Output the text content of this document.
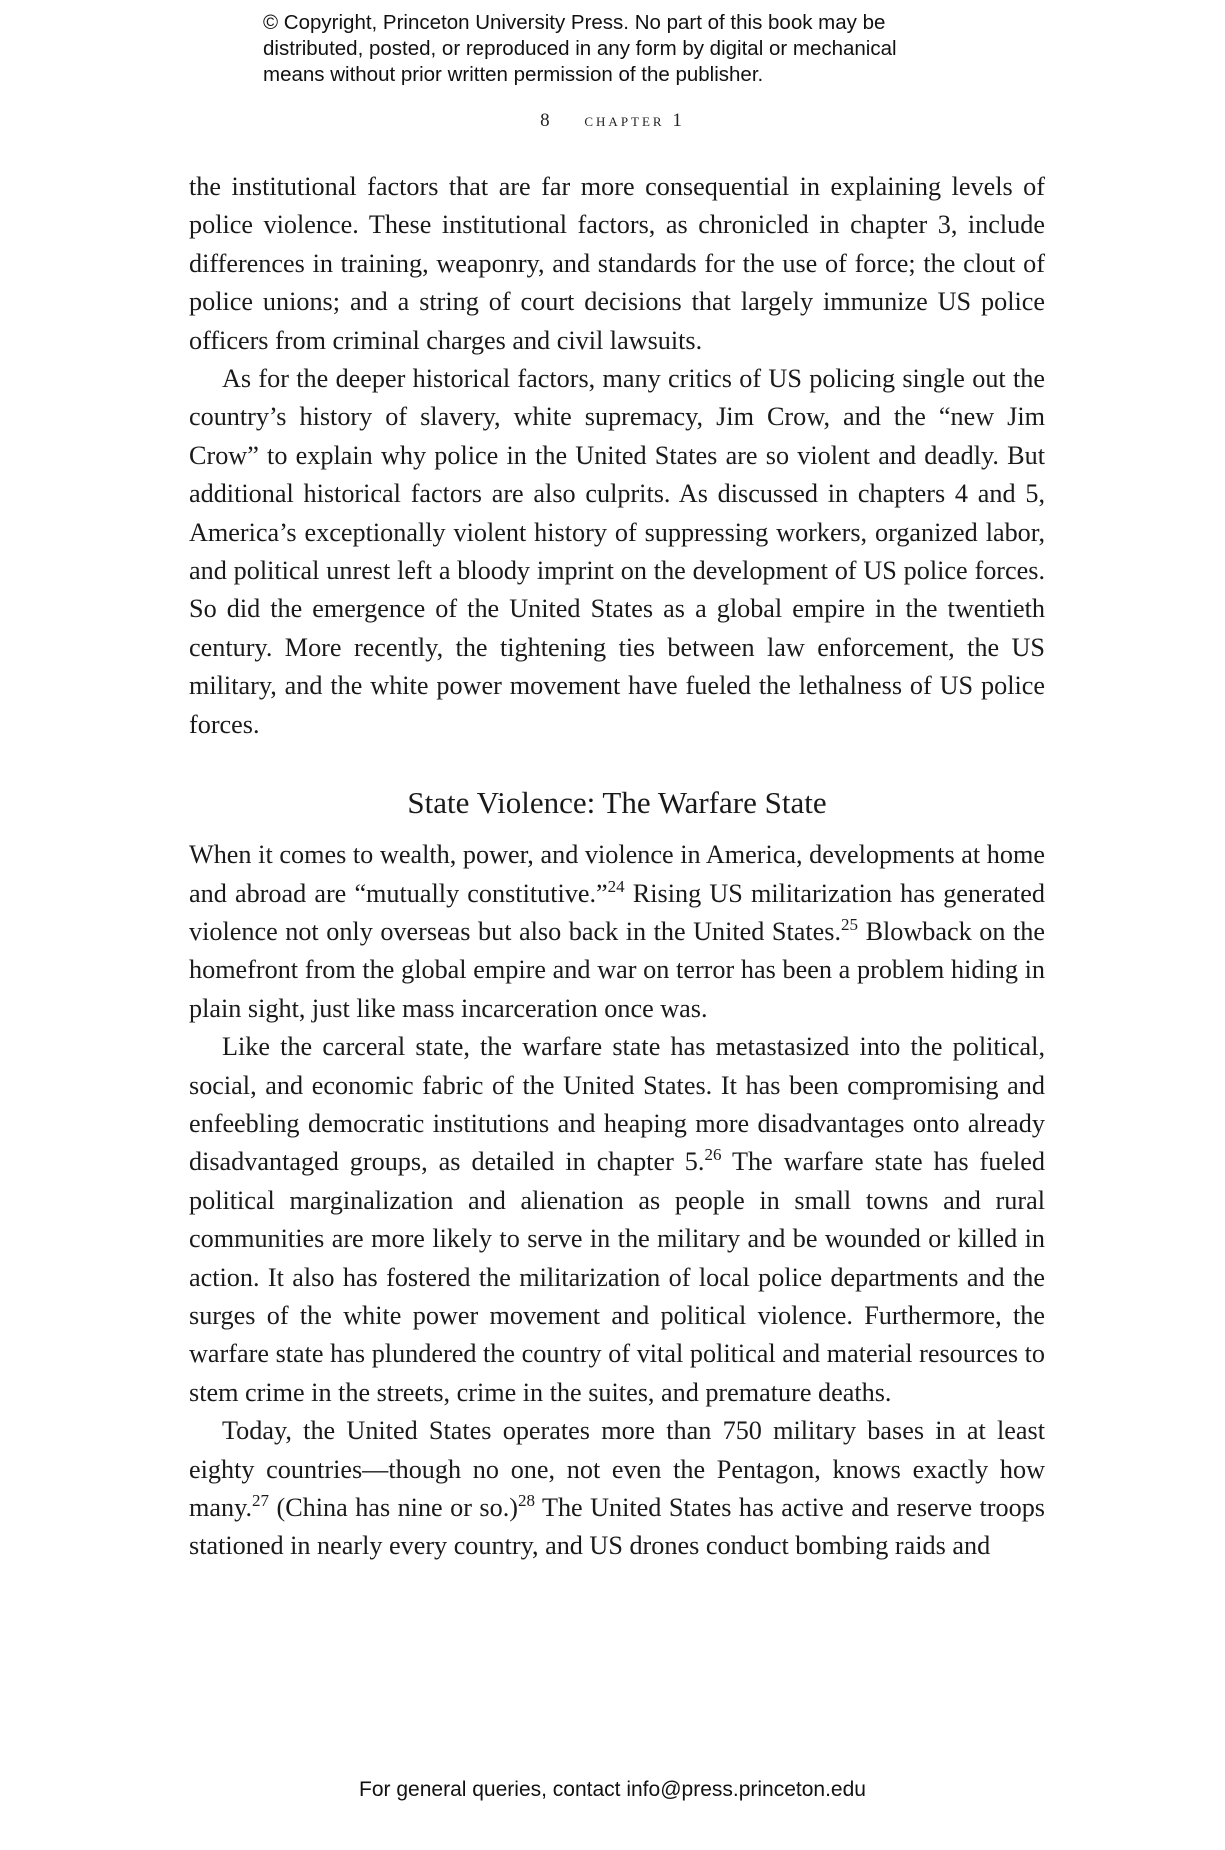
© Copyright, Princeton University Press. No part of this book may be
distributed, posted, or reproduced in any form by digital or mechanical
means without prior written permission of the publisher.
8 chapter 1

the institutional factors that are far more consequential in explaining levels of police violence. These institutional factors, as chronicled in chapter 3, include differences in training, weaponry, and standards for the use of force; the clout of police unions; and a string of court decisions that largely immunize US police officers from criminal charges and civil lawsuits.

As for the deeper historical factors, many critics of US policing single out the country’s history of slavery, white supremacy, Jim Crow, and the “new Jim Crow” to explain why police in the United States are so violent and deadly. But additional historical factors are also culprits. As discussed in chapters 4 and 5, America’s exceptionally violent history of suppressing workers, organized labor, and political unrest left a bloody imprint on the development of US police forces. So did the emergence of the United States as a global empire in the twentieth century. More recently, the tightening ties between law enforcement, the US military, and the white power movement have fueled the lethalness of US police forces.

State Violence: The Warfare State

When it comes to wealth, power, and violence in America, developments at home and abroad are “mutually constitutive.”$^{24}$ Rising US militarization has generated violence not only overseas but also back in the United States.$^{25}$ Blowback on the homefront from the global empire and war on terror has been a problem hiding in plain sight, just like mass incarceration once was.

Like the carceral state, the warfare state has metastasized into the political, social, and economic fabric of the United States. It has been compromising and enfeebling democratic institutions and heaping more disadvantages onto already disadvantaged groups, as detailed in chapter 5.26 The warfare state has fueled political marginalization and alienation as people in small towns and rural communities are more likely to serve in the military and be wounded or killed in action. It also has fostered the militarization of local police departments and the surges of the white power movement and political violence. Furthermore, the warfare state has plundered the country of vital political and material resources to stem crime in the streets, crime in the suites, and premature deaths.

Today, the United States operates more than 750 military bases in at least eighty countries—though no one, not even the Pentagon, knows exactly how many.$^{27}$ (China has nine or so.)$^{28}$ The United States has active and reserve troops stationed in nearly every country, and US drones conduct bombing raids and

For general queries, contact info@press.princeton.edu
